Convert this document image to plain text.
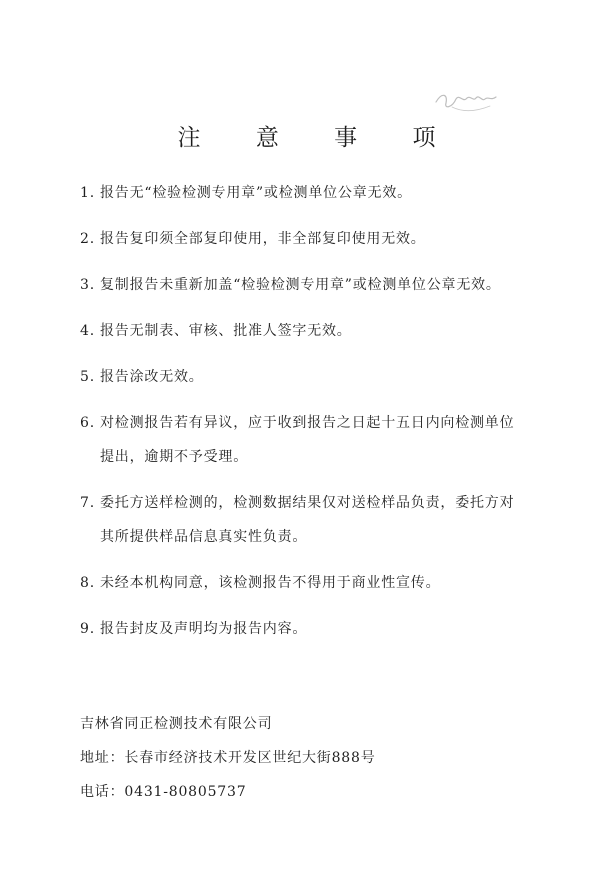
注 意 事 项
1. 报告无“检验检测专用章”或检测单位公章无效。
2. 报告复印须全部复印使用，非全部复印使用无效。
3. 复制报告未重新加盖“检验检测专用章”或检测单位公章无效。
4. 报告无制表、审核、批准人签字无效。
5. 报告涂改无效。
6. 对检测报告若有异议，应于收到报告之日起十五日内向检测单位
提出，逾期不予受理。
7. 委托方送样检测的，检测数据结果仅对送检样品负责，委托方对
其所提供样品信息真实性负责。
8. 未经本机构同意，该检测报告不得用于商业性宣传。
9. 报告封皮及声明均为报告内容。
吉林省同正检测技术有限公司
地址：长春市经济技术开发区世纪大街888号
电话：0431-80805737
